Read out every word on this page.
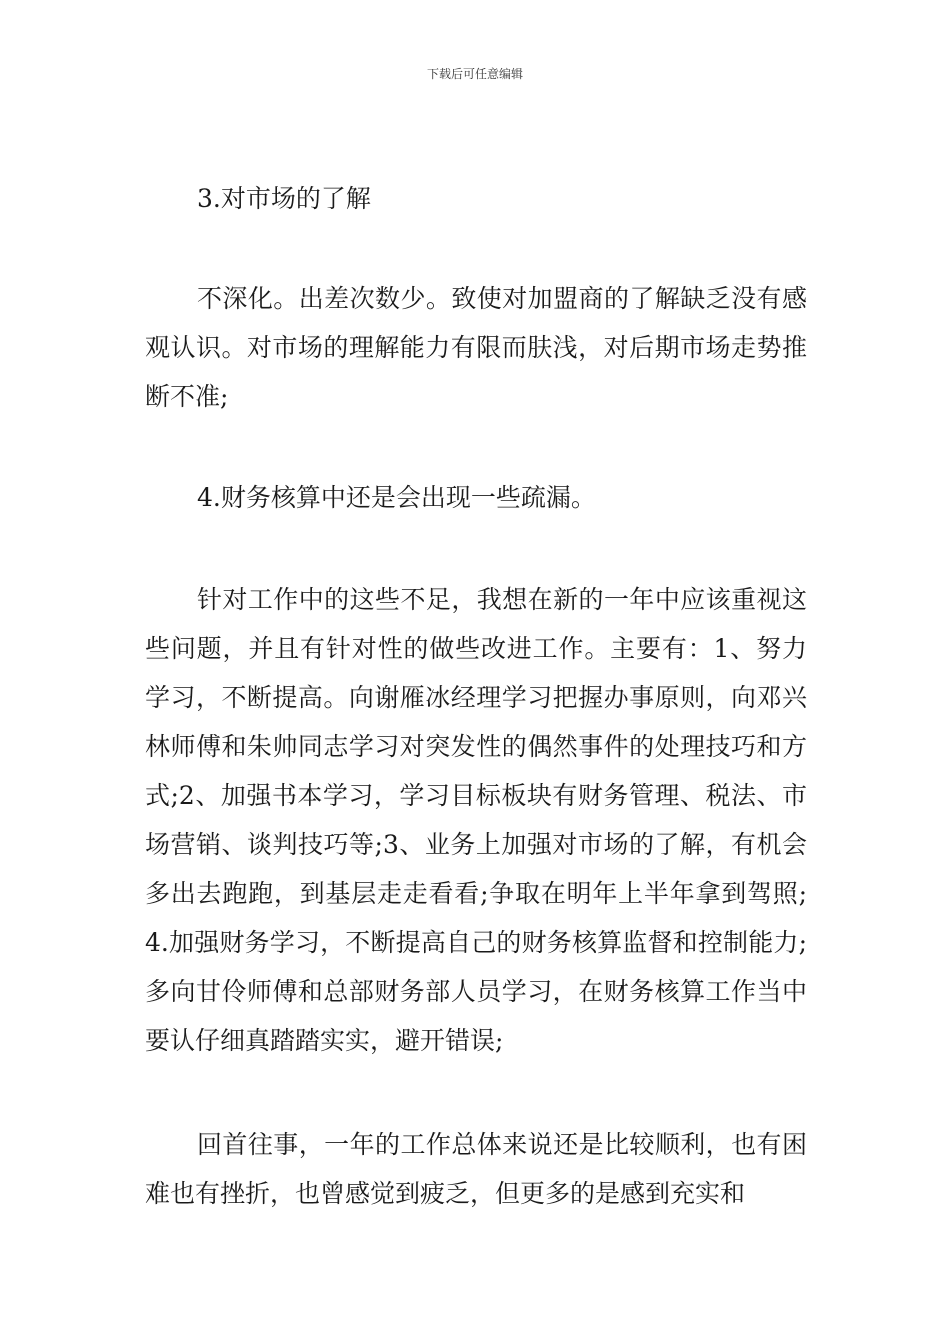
下载后可任意编辑

3.对市场的了解

不深化。出差次数少。致使对加盟商的了解缺乏没有感观认识。对市场的理解能力有限而肤浅，对后期市场走势推断不准;

4.财务核算中还是会出现一些疏漏。

针对工作中的这些不足，我想在新的一年中应该重视这些问题，并且有针对性的做些改进工作。主要有：1、努力学习，不断提高。向谢雁冰经理学习把握办事原则，向邓兴林师傅和朱帅同志学习对突发性的偶然事件的处理技巧和方式;2、加强书本学习，学习目标板块有财务管理、税法、市场营销、谈判技巧等;3、业务上加强对市场的了解，有机会多出去跑跑，到基层走走看看;争取在明年上半年拿到驾照;4.加强财务学习，不断提高自己的财务核算监督和控制能力;多向甘伶师傅和总部财务部人员学习，在财务核算工作当中要认仔细真踏踏实实，避开错误;

回首往事，一年的工作总体来说还是比较顺利，也有困难也有挫折，也曾感觉到疲乏，但更多的是感到充实和
